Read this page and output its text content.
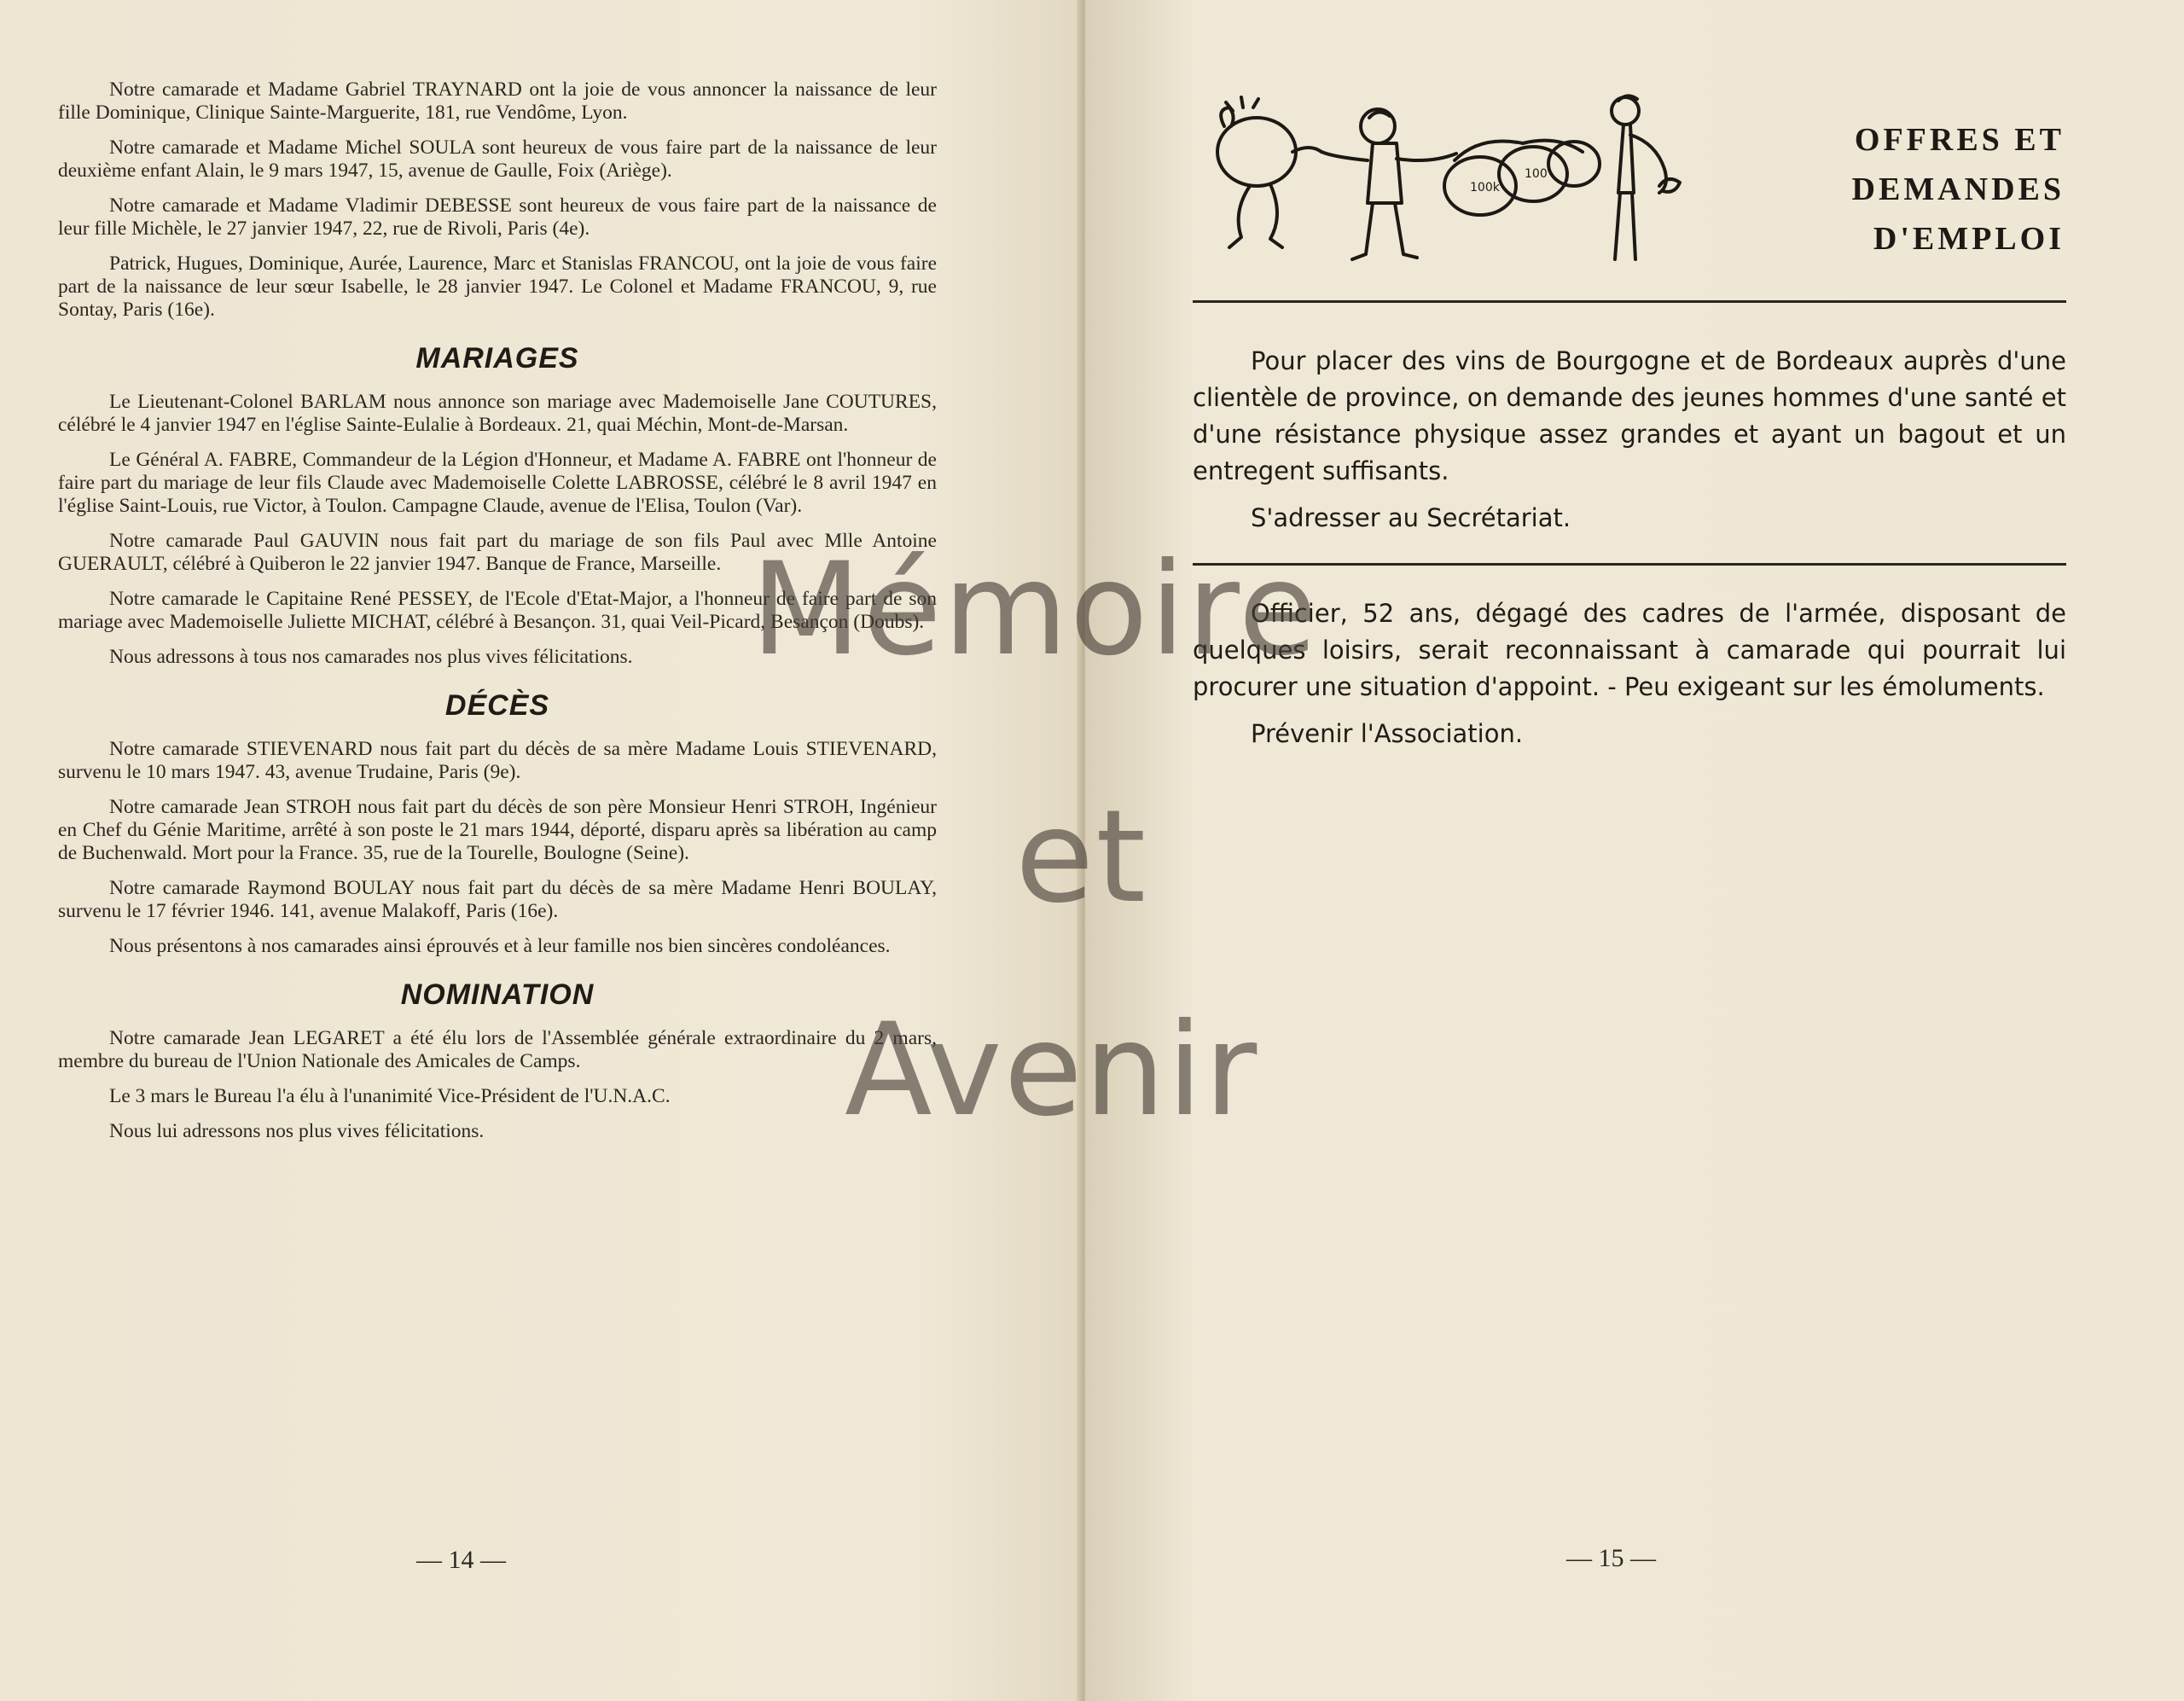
Notre camarade et Madame Gabriel TRAYNARD ont la joie de vous annoncer la naissance de leur fille Dominique, Clinique Sainte-Marguerite, 181, rue Vendôme, Lyon.

Notre camarade et Madame Michel SOULA sont heureux de vous faire part de la naissance de leur deuxième enfant Alain, le 9 mars 1947, 15, avenue de Gaulle, Foix (Ariège).

Notre camarade et Madame Vladimir DEBESSE sont heureux de vous faire part de la naissance de leur fille Michèle, le 27 janvier 1947, 22, rue de Rivoli, Paris (4e).

Patrick, Hugues, Dominique, Aurée, Laurence, Marc et Stanislas FRANCOU, ont la joie de vous faire part de la naissance de leur sœur Isabelle, le 28 janvier 1947. Le Colonel et Madame FRANCOU, 9, rue Sontay, Paris (16e).

MARIAGES

Le Lieutenant-Colonel BARLAM nous annonce son mariage avec Mademoiselle Jane COUTURES, célébré le 4 janvier 1947 en l'église Sainte-Eulalie à Bordeaux. 21, quai Méchin, Mont-de-Marsan.

Le Général A. FABRE, Commandeur de la Légion d'Honneur, et Madame A. FABRE ont l'honneur de faire part du mariage de leur fils Claude avec Mademoiselle Colette LABROSSE, célébré le 8 avril 1947 en l'église Saint-Louis, rue Victor, à Toulon. Campagne Claude, avenue de l'Elisa, Toulon (Var).

Notre camarade Paul GAUVIN nous fait part du mariage de son fils Paul avec Mlle Antoine GUERAULT, célébré à Quiberon le 22 janvier 1947. Banque de France, Marseille.

Notre camarade le Capitaine René PESSEY, de l'Ecole d'Etat-Major, a l'honneur de faire part de son mariage avec Mademoiselle Juliette MICHAT, célébré à Besançon. 31, quai Veil-Picard, Besançon (Doubs).

Nous adressons à tous nos camarades nos plus vives félicitations.

DÉCÈS

Notre camarade STIEVENARD nous fait part du décès de sa mère Madame Louis STIEVENARD, survenu le 10 mars 1947. 43, avenue Trudaine, Paris (9e).

Notre camarade Jean STROH nous fait part du décès de son père Monsieur Henri STROH, Ingénieur en Chef du Génie Maritime, arrêté à son poste le 21 mars 1944, déporté, disparu après sa libération au camp de Buchenwald. Mort pour la France. 35, rue de la Tourelle, Boulogne (Seine).

Notre camarade Raymond BOULAY nous fait part du décès de sa mère Madame Henri BOULAY, survenu le 17 février 1946. 141, avenue Malakoff, Paris (16e).

Nous présentons à nos camarades ainsi éprouvés et à leur famille nos bien sincères condoléances.

NOMINATION

Notre camarade Jean LEGARET a été élu lors de l'Assemblée générale extraordinaire du 2 mars, membre du bureau de l'Union Nationale des Amicales de Camps.

Le 3 mars le Bureau l'a élu à l'unanimité Vice-Président de l'U.N.A.C.

Nous lui adressons nos plus vives félicitations.

— 14 —
100k
100
OFFRES ET
DEMANDES
D'EMPLOI

Pour placer des vins de Bourgogne et de Bordeaux auprès d'une clientèle de province, on demande des jeunes hommes d'une santé et d'une résistance physique assez grandes et ayant un bagout et un entregent suffisants.

S'adresser au Secrétariat.

Officier, 52 ans, dégagé des cadres de l'armée, disposant de quelques loisirs, serait reconnaissant à camarade qui pourrait lui procurer une situation d'appoint. - Peu exigeant sur les émoluments.

Prévenir l'Association.

— 15 —
Mémoire
et
Avenir
